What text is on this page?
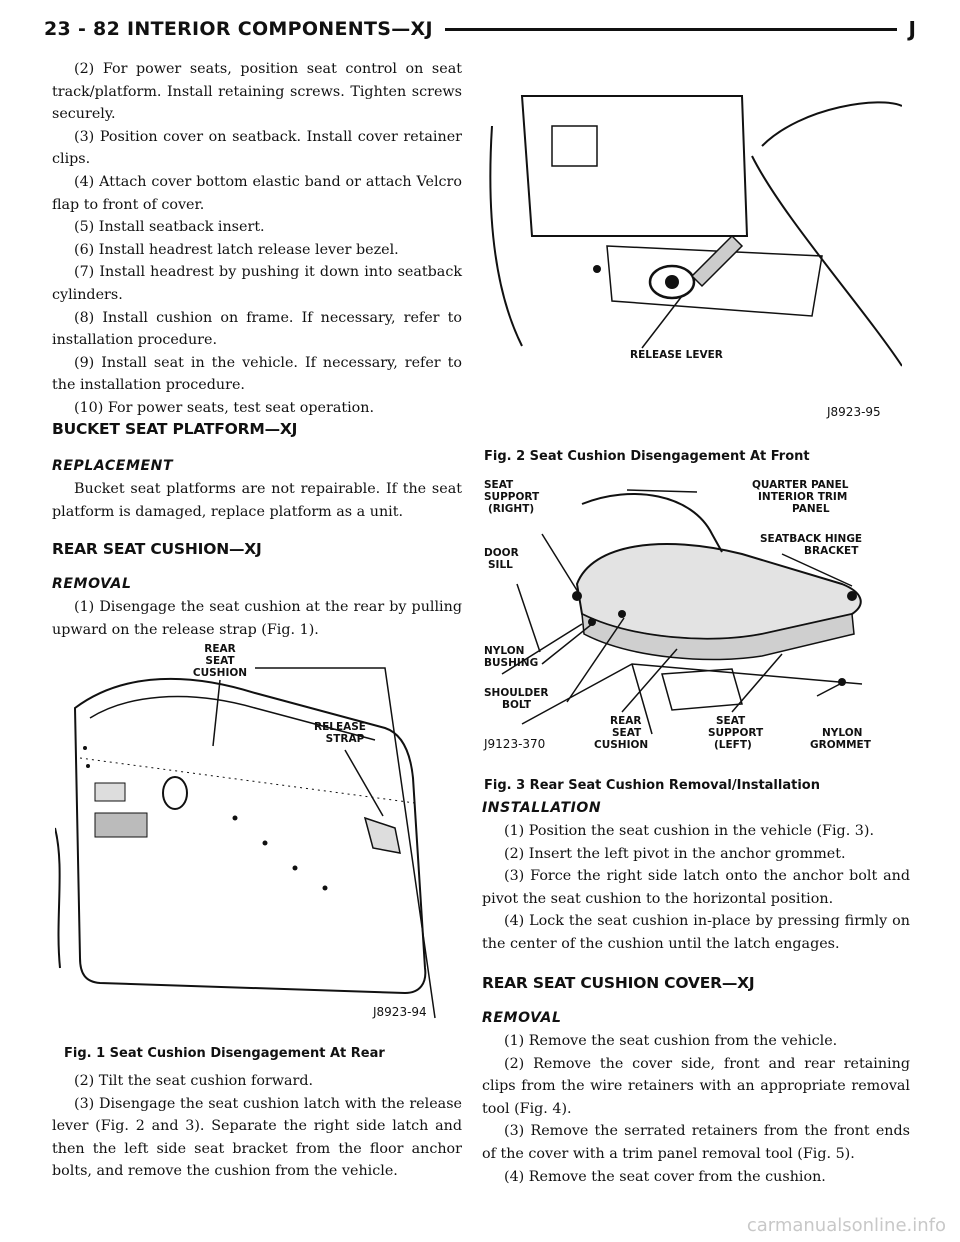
23 - 82 INTERIOR COMPONENTS—XJ	J

(2) For power seats, position seat control on seat track/platform. Install retaining screws. Tighten screws securely.

(3) Position cover on seatback. Install cover retainer clips.

(4) Attach cover bottom elastic band or attach Velcro flap to front of cover.

(5) Install seatback insert.

(6) Install headrest latch release lever bezel.

(7) Install headrest by pushing it down into seatback cylinders.

(8) Install cushion on frame. If necessary, refer to installation procedure.

(9) Install seat in the vehicle. If necessary, refer to the installation procedure.

(10) For power seats, test seat operation.

BUCKET SEAT PLATFORM—XJ
REPLACEMENT

Bucket seat platforms are not repairable. If the seat platform is damaged, replace platform as a unit.

REAR SEAT CUSHION—XJ
REMOVAL

(1) Disengage the seat cushion at the rear by pulling upward on the release strap (Fig. 1).

REAR
SEAT
CUSHION
RELEASE
STRAP
J8923-94

Fig. 1 Seat Cushion Disengagement At Rear

(2) Tilt the seat cushion forward.

(3) Disengage the seat cushion latch with the release lever (Fig. 2 and 3). Separate the right side latch and then the left side seat bracket from the floor anchor bolts, and remove the cushion from the vehicle.

RELEASE LEVER
J8923-95

Fig. 2 Seat Cushion Disengagement At Front

SEAT
SUPPORT
(RIGHT)
QUARTER PANEL
INTERIOR TRIM
PANEL
SEATBACK HINGE
BRACKET
DOOR
SILL
NYLON
BUSHING
SHOULDER
BOLT
REAR
SEAT
CUSHION
SEAT
SUPPORT
(LEFT)
NYLON
GROMMET
J9123-370

Fig. 3 Rear Seat Cushion Removal/Installation

INSTALLATION

(1) Position the seat cushion in the vehicle (Fig. 3).

(2) Insert the left pivot in the anchor grommet.

(3) Force the right side latch onto the anchor bolt and pivot the seat cushion to the horizontal position.

(4) Lock the seat cushion in-place by pressing firmly on the center of the cushion until the latch engages.

REAR SEAT CUSHION COVER—XJ
REMOVAL

(1) Remove the seat cushion from the vehicle.

(2) Remove the cover side, front and rear retaining clips from the wire retainers with an appropriate removal tool (Fig. 4).

(3) Remove the serrated retainers from the front ends of the cover with a trim panel removal tool (Fig. 5).

(4) Remove the seat cover from the cushion.

carmanualsonline.info
